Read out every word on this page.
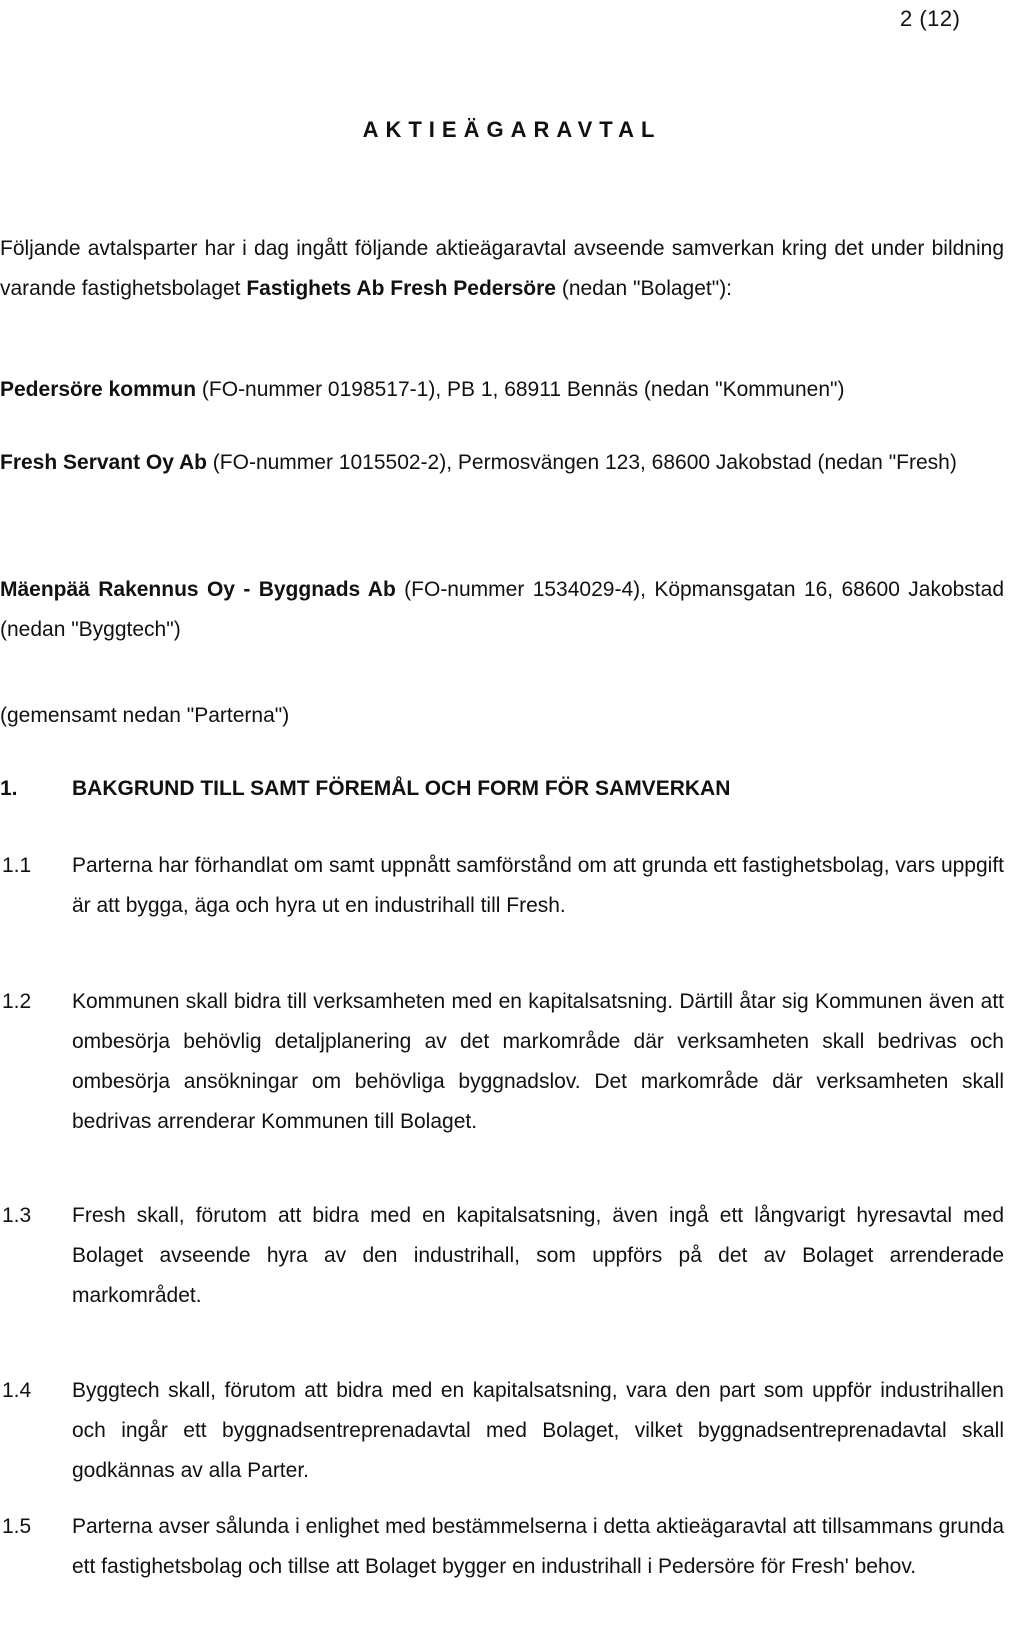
2 (12)
AKTIEÄGARAVTAL
Följande avtalsparter har i dag ingått följande aktieägaravtal avseende samverkan kring det under bildning varande fastighetsbolaget Fastighets Ab Fresh Pedersöre (nedan "Bolaget"):
Pedersöre kommun (FO-nummer 0198517-1), PB 1, 68911 Bennäs (nedan "Kommunen")
Fresh Servant Oy Ab (FO-nummer 1015502-2), Permosvängen 123, 68600 Jakobstad (nedan "Fresh)
Mäenpää Rakennus Oy - Byggnads Ab (FO-nummer 1534029-4), Köpmansgatan 16, 68600 Jakobstad (nedan "Byggtech")
(gemensamt nedan "Parterna")
1.	BAKGRUND TILL SAMT FÖREMÅL OCH FORM FÖR SAMVERKAN
1.1 Parterna har förhandlat om samt uppnått samförstånd om att grunda ett fastighetsbolag, vars uppgift är att bygga, äga och hyra ut en industrihall till Fresh.
1.2 Kommunen skall bidra till verksamheten med en kapitalsatsning. Därtill åtar sig Kommunen även att ombesörja behövlig detaljplanering av det markområde där verksamheten skall bedrivas och ombesörja ansökningar om behövliga byggnadslov. Det markområde där verksamheten skall bedrivas arrenderar Kommunen till Bolaget.
1.3 Fresh skall, förutom att bidra med en kapitalsatsning, även ingå ett långvarigt hyresavtal med Bolaget avseende hyra av den industrihall, som uppförs på det av Bolaget arrenderade markområdet.
1.4 Byggtech skall, förutom att bidra med en kapitalsatsning, vara den part som uppför industrihallen och ingår ett byggnadsentreprenadavtal med Bolaget, vilket byggnadsentreprenadavtal skall godkännas av alla Parter.
1.5 Parterna avser sålunda i enlighet med bestämmelserna i detta aktieägaravtal att tillsammans grunda ett fastighetsbolag och tillse att Bolaget bygger en industrihall i Pedersöre för Fresh' behov.
